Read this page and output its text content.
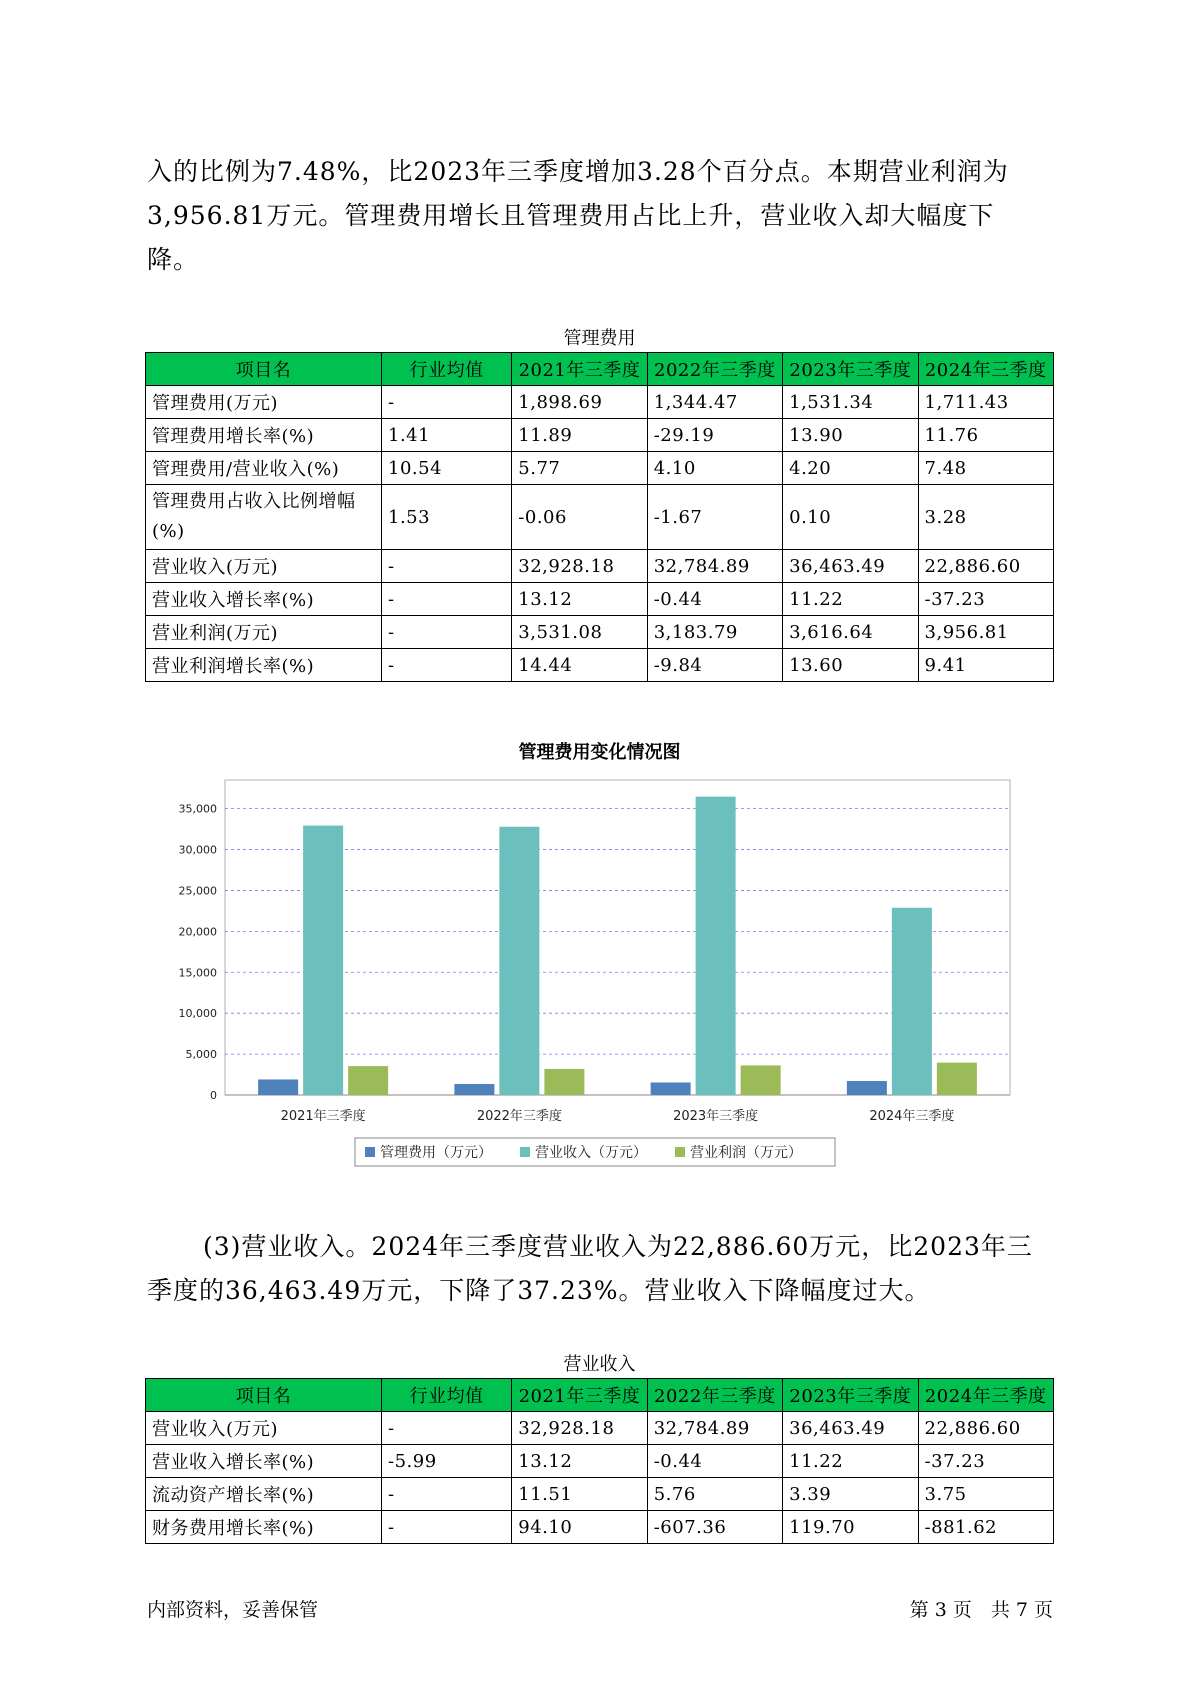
入的比例为7.48%，比2023年三季度增加3.28个百分点。本期营业利润为
3,956.81万元。管理费用增长且管理费用占比上升，营业收入却大幅度下
降。
管理费用
项目名	行业均值	2021年三季度	2022年三季度	2023年三季度	2024年三季度
管理费用(万元)	-	1,898.69	1,344.47	1,531.34	1,711.43
管理费用增长率(%)	1.41	11.89	-29.19	13.90	11.76
管理费用/营业收入(%)	10.54	5.77	4.10	4.20	7.48
管理费用占收入比例增幅(%)	1.53	-0.06	-1.67	0.10	3.28
营业收入(万元)	-	32,928.18	32,784.89	36,463.49	22,886.60
营业收入增长率(%)	-	13.12	-0.44	11.22	-37.23
营业利润(万元)	-	3,531.08	3,183.79	3,616.64	3,956.81
营业利润增长率(%)	-	14.44	-9.84	13.60	9.41
管理费用变化情况图
0
5,000
10,000
15,000
20,000
25,000
30,000
35,000
2021年三季度	2022年三季度	2023年三季度	2024年三季度
管理费用（万元）	营业收入（万元）	营业利润（万元）
(3)营业收入。2024年三季度营业收入为22,886.60万元，比2023年三
季度的36,463.49万元，下降了37.23%。营业收入下降幅度过大。
营业收入
项目名	行业均值	2021年三季度	2022年三季度	2023年三季度	2024年三季度
营业收入(万元)	-	32,928.18	32,784.89	36,463.49	22,886.60
营业收入增长率(%)	-5.99	13.12	-0.44	11.22	-37.23
流动资产增长率(%)	-	11.51	5.76	3.39	3.75
财务费用增长率(%)	-	94.10	-607.36	119.70	-881.62
内部资料，妥善保管	第 3 页　共 7 页
